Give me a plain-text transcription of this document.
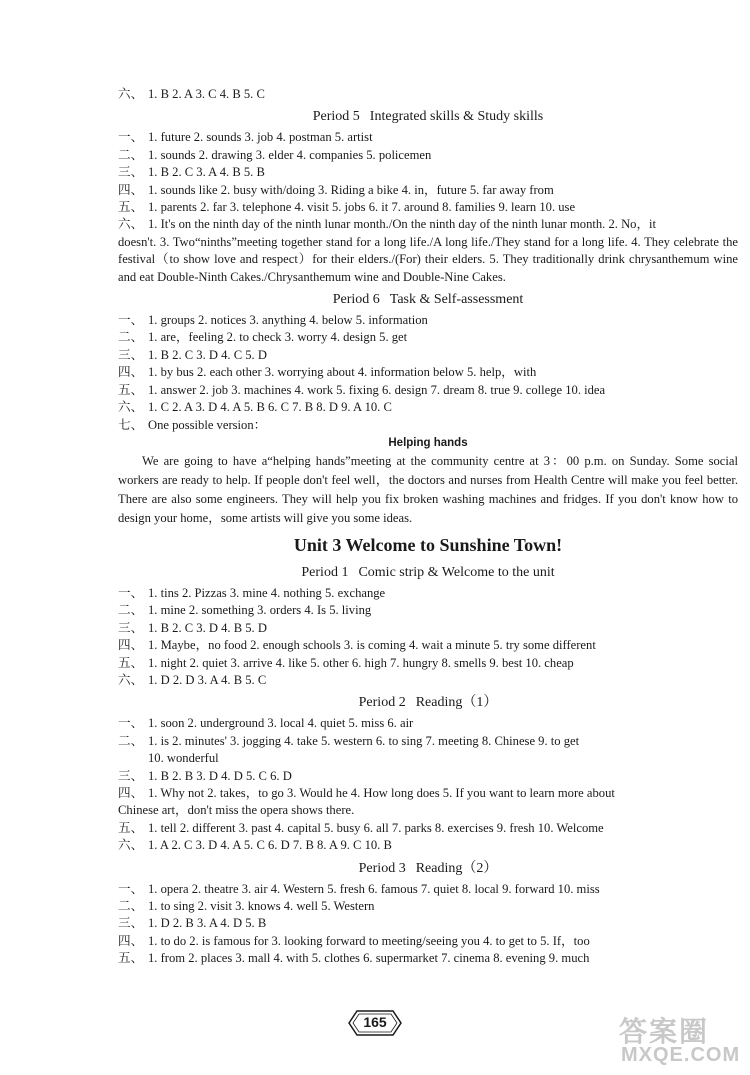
六、 1. B 2. A 3. C 4. B 5. C
Period 5 Integrated skills & Study skills
一、 1. future 2. sounds 3. job 4. postman 5. artist
二、 1. sounds 2. drawing 3. elder 4. companies 5. policemen
三、 1. B 2. C 3. A 4. B 5. B
四、 1. sounds like 2. busy with/doing 3. Riding a bike 4. in，future 5. far away from
五、 1. parents 2. far 3. telephone 4. visit 5. jobs 6. it 7. around 8. families 9. learn 10. use
六、 1. It's on the ninth day of the ninth lunar month./On the ninth day of the ninth lunar month. 2. No，it
doesn't. 3. Two“ninths”meeting together stand for a long life./A long life./They stand for a long life. 4. They celebrate the festival（to show love and respect）for their elders./(For) their elders. 5. They traditionally drink chrysanthemum wine and eat Double-Ninth Cakes./Chrysanthemum wine and Double-Nine Cakes.
Period 6 Task & Self-assessment
一、 1. groups 2. notices 3. anything 4. below 5. information
二、 1. are，feeling 2. to check 3. worry 4. design 5. get
三、 1. B 2. C 3. D 4. C 5. D
四、 1. by bus 2. each other 3. worrying about 4. information below 5. help，with
五、 1. answer 2. job 3. machines 4. work 5. fixing 6. design 7. dream 8. true 9. college 10. idea
六、 1. C 2. A 3. D 4. A 5. B 6. C 7. B 8. D 9. A 10. C
七、 One possible version：
Helping hands

We are going to have a“helping hands”meeting at the community centre at 3：00 p.m. on Sunday. Some social workers are ready to help. If people don't feel well，the doctors and nurses from Health Centre will make you feel better. There are also some engineers. They will help you fix broken washing machines and fridges. If you don't know how to design your home，some artists will give you some ideas.

Unit 3 Welcome to Sunshine Town!
Period 1 Comic strip & Welcome to the unit
一、 1. tins 2. Pizzas 3. mine 4. nothing 5. exchange
二、 1. mine 2. something 3. orders 4. Is 5. living
三、 1. B 2. C 3. D 4. B 5. D
四、 1. Maybe，no food 2. enough schools 3. is coming 4. wait a minute 5. try some different
五、 1. night 2. quiet 3. arrive 4. like 5. other 6. high 7. hungry 8. smells 9. best 10. cheap
六、 1. D 2. D 3. A 4. B 5. C
Period 2 Reading（1）
一、 1. soon 2. underground 3. local 4. quiet 5. miss 6. air
二、 1. is 2. minutes' 3. jogging 4. take 5. western 6. to sing 7. meeting 8. Chinese 9. to get
10. wonderful
三、 1. B 2. B 3. D 4. D 5. C 6. D
四、 1. Why not 2. takes，to go 3. Would he 4. How long does 5. If you want to learn more about
Chinese art，don't miss the opera shows there.
五、 1. tell 2. different 3. past 4. capital 5. busy 6. all 7. parks 8. exercises 9. fresh 10. Welcome
六、 1. A 2. C 3. D 4. A 5. C 6. D 7. B 8. A 9. C 10. B
Period 3 Reading（2）
一、 1. opera 2. theatre 3. air 4. Western 5. fresh 6. famous 7. quiet 8. local 9. forward 10. miss
二、 1. to sing 2. visit 3. knows 4. well 5. Western
三、 1. D 2. B 3. A 4. D 5. B
四、 1. to do 2. is famous for 3. looking forward to meeting/seeing you 4. to get to 5. If，too
五、 1. from 2. places 3. mall 4. with 5. clothes 6. supermarket 7. cinema 8. evening 9. much
165	答案圈
MXQE.COM
